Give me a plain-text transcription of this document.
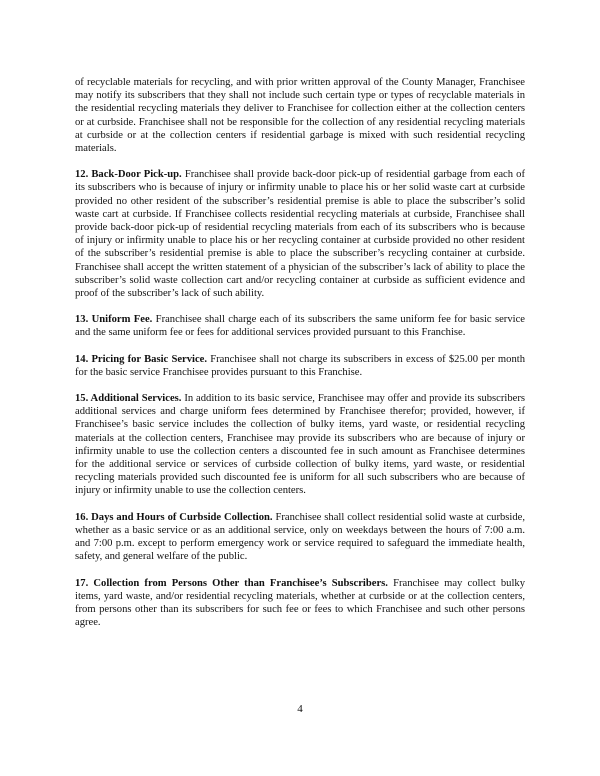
of recyclable materials for recycling, and with prior written approval of the County Manager, Franchisee may notify its subscribers that they shall not include such certain type or types of recyclable materials in the residential recycling materials they deliver to Franchisee for collection either at the collection centers or at curbside. Franchisee shall not be responsible for the collection of any residential recycling materials at curbside or at the collection centers if residential garbage is mixed with such residential recycling materials.

12. Back-Door Pick-up. Franchisee shall provide back-door pick-up of residential garbage from each of its subscribers who is because of injury or infirmity unable to place his or her solid waste cart at curbside provided no other resident of the subscriber’s residential premise is able to place the subscriber’s solid waste cart at curbside. If Franchisee collects residential recycling materials at curbside, Franchisee shall provide back-door pick-up of residential recycling materials from each of its subscribers who is because of injury or infirmity unable to place his or her recycling container at curbside provided no other resident of the subscriber’s residential premise is able to place the subscriber’s recycling container at curbside. Franchisee shall accept the written statement of a physician of the subscriber’s lack of ability to place the subscriber’s solid waste collection cart and/or recycling container at curbside as sufficient evidence and proof of the subscriber’s lack of such ability.

13. Uniform Fee. Franchisee shall charge each of its subscribers the same uniform fee for basic service and the same uniform fee or fees for additional services provided pursuant to this Franchise.

14. Pricing for Basic Service. Franchisee shall not charge its subscribers in excess of $25.00 per month for the basic service Franchisee provides pursuant to this Franchise.

15. Additional Services. In addition to its basic service, Franchisee may offer and provide its subscribers additional services and charge uniform fees determined by Franchisee therefor; provided, however, if Franchisee’s basic service includes the collection of bulky items, yard waste, or residential recycling materials at the collection centers, Franchisee may provide its subscribers who are because of injury or infirmity unable to use the collection centers a discounted fee in such amount as Franchisee determines for the additional service or services of curbside collection of bulky items, yard waste, or residential recycling materials provided such discounted fee is uniform for all such subscribers who are because of injury or infirmity unable to use the collection centers.

16. Days and Hours of Curbside Collection. Franchisee shall collect residential solid waste at curbside, whether as a basic service or as an additional service, only on weekdays between the hours of 7:00 a.m. and 7:00 p.m. except to perform emergency work or service required to safeguard the immediate health, safety, and general welfare of the public.

17. Collection from Persons Other than Franchisee’s Subscribers. Franchisee may collect bulky items, yard waste, and/or residential recycling materials, whether at curbside or at the collection centers, from persons other than its subscribers for such fee or fees to which Franchisee and such other persons agree.

4
